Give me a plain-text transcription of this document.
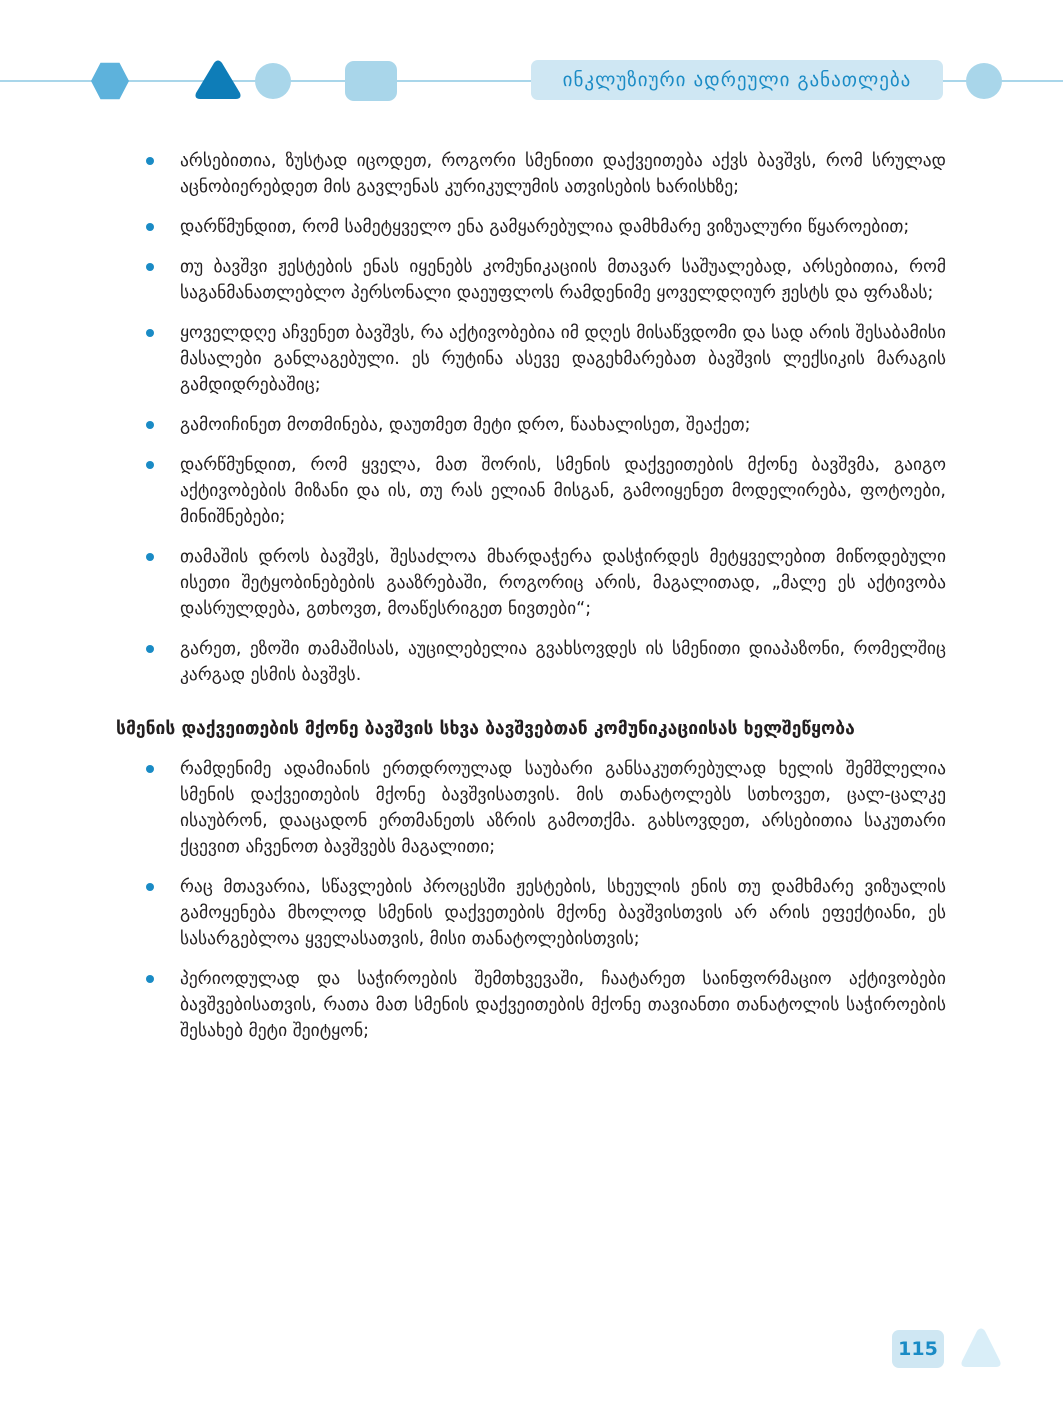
ინკლუზიური ადრეული განათლება
არსებითია, ზუსტად იცოდეთ, როგორი სმენითი დაქვეითება აქვს ბავშვს, რომ სრულად აცნობიერებდეთ მის გავლენას კურიკულუმის ათვისების ხარისხზე;
დარწმუნდით, რომ სამეტყველო ენა გამყარებულია დამხმარე ვიზუალური წყაროებით;
თუ ბავშვი ჟესტების ენას იყენებს კომუნიკაციის მთავარ საშუალებად, არსებითია, რომ საგანმანათლებლო პერსონალი დაეუფლოს რამდენიმე ყოველდღიურ ჟესტს და ფრაზას;
ყოველდღე აჩვენეთ ბავშვს, რა აქტივობებია იმ დღეს მისაწვდომი და სად არის შესაბამისი მასალები განლაგებული. ეს რუტინა ასევე დაგეხმარებათ ბავშვის ლექსიკის მარაგის გამდიდრებაშიც;
გამოიჩინეთ მოთმინება, დაუთმეთ მეტი დრო, წაახალისეთ, შეაქეთ;
დარწმუნდით, რომ ყველა, მათ შორის, სმენის დაქვეითების მქონე ბავშვმა, გაიგო აქტივობების მიზანი და ის, თუ რას ელიან მისგან, გამოიყენეთ მოდელირება, ფოტოები, მინიშნებები;
თამაშის დროს ბავშვს, შესაძლოა მხარდაჭერა დასჭირდეს მეტყველებით მიწოდებული ისეთი შეტყობინებების გააზრებაში, როგორიც არის, მაგალითად, „მალე ეს აქტივობა დასრულდება, გთხოვთ, მოაწესრიგეთ ნივთები“;
გარეთ, ეზოში თამაშისას, აუცილებელია გვახსოვდეს ის სმენითი დიაპაზონი, რომელშიც კარგად ესმის ბავშვს.
სმენის დაქვეითების მქონე ბავშვის სხვა ბავშვებთან კომუნიკაციისას ხელშეწყობა
რამდენიმე ადამიანის ერთდროულად საუბარი განსაკუთრებულად ხელის შემშლელია სმენის დაქვეითების მქონე ბავშვისათვის. მის თანატოლებს სთხოვეთ, ცალ-ცალკე ისაუბრონ, დააცადონ ერთმანეთს აზრის გამოთქმა. გახსოვდეთ, არსებითია საკუთარი ქცევით აჩვენოთ ბავშვებს მაგალითი;
რაც მთავარია, სწავლების პროცესში ჟესტების, სხეულის ენის თუ დამხმარე ვიზუალის გამოყენება მხოლოდ სმენის დაქვეთების მქონე ბავშვისთვის არ არის ეფექტიანი, ეს სასარგებლოა ყველასათვის, მისი თანატოლებისთვის;
პერიოდულად და საჭიროების შემთხვევაში, ჩაატარეთ საინფორმაციო აქტივობები ბავშვებისათვის, რათა მათ სმენის დაქვეითების მქონე თავიანთი თანატოლის საჭიროების შესახებ მეტი შეიტყონ;
115
